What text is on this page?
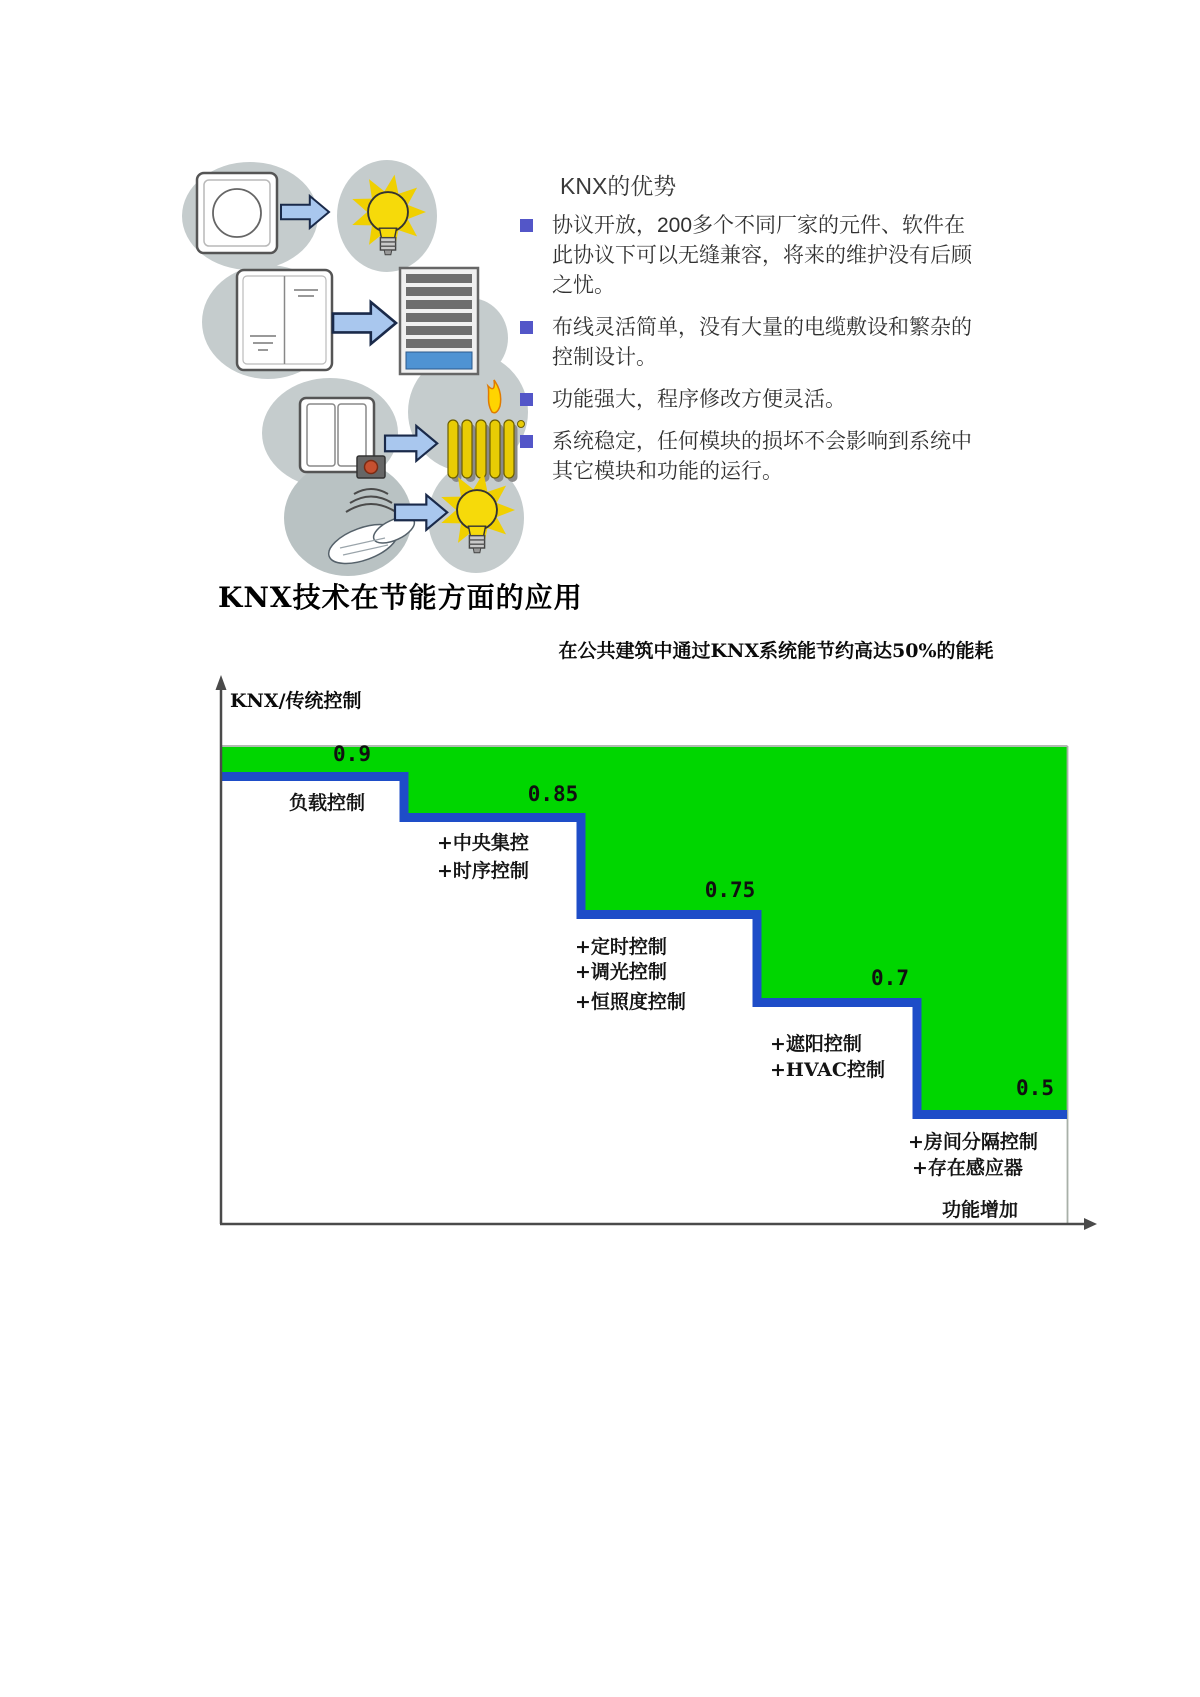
KNX的优势
协议开放，200多个不同厂家的元件、软件在此协议下可以无缝兼容，将来的维护没有后顾之忧。
布线灵活简单，没有大量的电缆敷设和繁杂的控制设计。
功能强大，程序修改方便灵活。
系统稳定，任何模块的损坏不会影响到系统中其它模块和功能的运行。
KNX技术在节能方面的应用
在公共建筑中通过KNX系统能节约高达50%的能耗
KNX/传统控制
0.9
0.85
0.75
0.7
0.5
负载控制
+中央集控
+时序控制
+定时控制
+调光控制
+恒照度控制
+遮阳控制
+HVAC控制
+房间分隔控制
+存在感应器
功能增加
